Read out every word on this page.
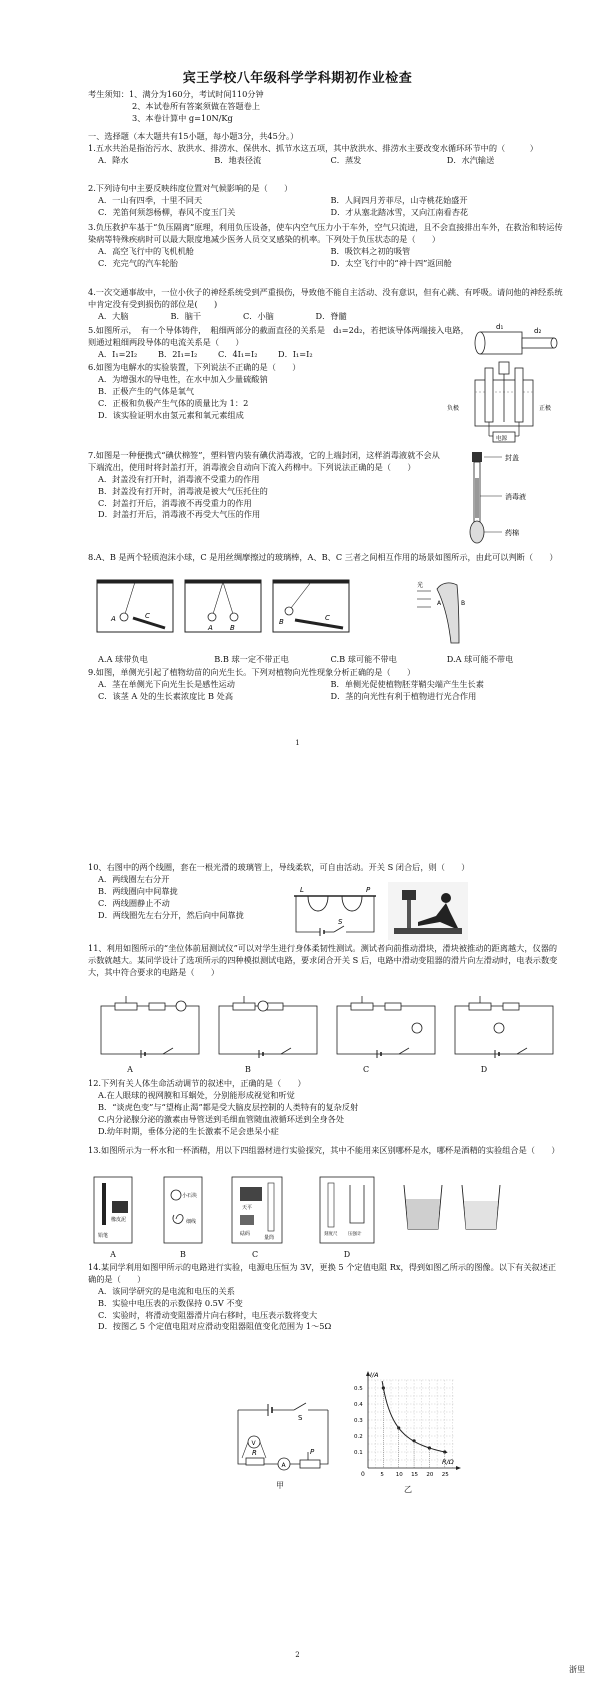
宾王学校八年级科学学科期初作业检查
考生须知：1、满分为160分，考试时间110分钟
2、本试卷所有答案须做在答题卷上
3、本卷计算中 g=10N/Kg
一、选择题（本大题共有15小题，每小题3分，共45分。）
1.五水共治是指治污水、放洪水、排涝水、保供水、抓节水这五项，其中放洪水、排涝水主要改变水循环环节中的（　　　）
A．降水	B．地表径流	C．蒸发	D．水汽输送
2.下列诗句中主要反映纬度位置对气候影响的是（　　）
A．一山有四季，十里不同天	B．人间四月芳菲尽，山寺桃花始盛开C．羌笛何须怨杨柳，春风不度玉门关	D．才从塞北踏冰雪，又向江南看杏花
3.负压救护车基于“负压隔离”原理，利用负压设备，使车内空气压力小于车外，空气只流进，且不会直接排出车外，在救治和转运传染病等特殊疾病时可以最大限度地减少医务人员交叉感染的机率。下列处于负压状态的是（　　）
A．高空飞行中的飞机机舱	B．吸饮料之初的吸管C．充完气的汽车轮胎	D．太空飞行中的“神十四”返回舱
4.一次交通事故中，一位小伙子的神经系统受到严重损伤，导致他不能自主活动、没有意识，但有心跳、有呼吸。请问他的神经系统中肯定没有受到损伤的部位是(　　)
A．大脑	B．脑干	C．小脑	D．脊髓
5.如图所示，　有一个导体铸件，　粗细两部分的截面直径的关系是　d₁=2d₂，若把该导体两端接入电路，　则通过粗细两段导体的电流关系是（　　）
A．I₁=2I₂	B．2I₁=I₂	C．4I₁=I₂ D．I₁=I₂
d₁	d₂
6.如图为电解水的实验装置，下列说法不正确的是（　　）
A．为增强水的导电性，在水中加入少量硫酸钠
B．正极产生的气体是氧气
C．正极和负极产生气体的质量比为 1：2
D．该实验证明水由氢元素和氧元素组成
负极	正极
电源
7.如图是一种便携式“碘伏棉签”，塑料管内装有碘伏消毒液，它的上端封闭，这样消毒液就不会从下端流出，使用时将封盖打开，消毒液会自动向下流入药棉中。下列说法正确的是（　　）
A．封盖没有打开时，消毒液不受重力的作用
B．封盖没有打开时，消毒液是被大气压托住的
C．封盖打开后，消毒液不再受重力的作用
D．封盖打开后，消毒液不再受大气压的作用
封盖
消毒液
药棉
8.A、B 是两个轻质泡沫小球，C 是用丝绸摩擦过的玻璃棒，A、B、C 三者之间相互作用的场景如图所示，由此可以判断（　　）
A	C
A B
B	C
光
A	B
A.A 球带负电	B.B 球一定不带正电	C.B 球可能不带电	D.A 球可能不带电
9.如图，单侧光引起了植物幼苗的向光生长。下列对植物向光性现象分析正确的是（　　）
A．茎在单侧光下向光生长是感性运动	B．单侧光促使植物胚芽鞘尖端产生生长素C．该茎 A 处的生长素浓度比 B 处高	D．茎的向光性有利于植物进行光合作用
1
10、右图中的两个线圈，套在一根光滑的玻璃管上，导线柔软，可自由活动。开关 S 闭合后，则（　　）
A．两线圈左右分开
B．两线圈向中间靠拢
C．两线圈静止不动
D．两线圈先左右分开，然后向中间靠拢
L	P
S
11、利用如图所示的“坐位体前屈测试仪”可以对学生进行身体柔韧性测试。测试者向前推动滑块，滑块被推动的距离越大，仪器的示数就越大。某同学设计了选项所示的四种模拟测试电路，要求闭合开关 S 后，电路中滑动变阻器的滑片向左滑动时，电表示数变大，其中符合要求的电路是（　　）
A	B	C	D
12.下列有关人体生命活动调节的叙述中，正确的是（　　）
A.在人眼球的视网膜和耳蜗处，分别能形成视觉和听觉
B．“谈虎色变”与“望梅止渴”都是受大脑皮层控制的人类特有的复杂反射
C.内分泌腺分泌的激素由导管送到毛细血管随血液循环送到全身各处
D.幼年时期，垂体分泌的生长激素不足会患呆小症
13.如图所示为一杯水和一杯酒精，用以下四组器材进行实验探究，其中不能用来区别哪杯是水，哪杯是酒精的实验组合是（　　）
橡皮泥
铅笔
小石块
细线
天平
砝码
量筒
刻度尺 压强计
A	B	C	D
14.某同学利用如图甲所示的电路进行实验，电源电压恒为 3V，更换 5 个定值电阻 Rx，得到如图乙所示的图像。以下有关叙述正确的是（　　）
A．该同学研究的是电流和电压的关系
B．实验中电压表的示数保持 0.5V 不变
C．实验时，将滑动变阻器滑片向右移时，电压表示数将变大
D．按图乙 5 个定值电阻对应滑动变阻器阻值变化范围为 1～5Ω
S
V
R
A
P
甲
I/A
R/Ω
0
0.1
0.2
0.3
0.4
0.5
5 10 15 20 25
乙
2
浙里
